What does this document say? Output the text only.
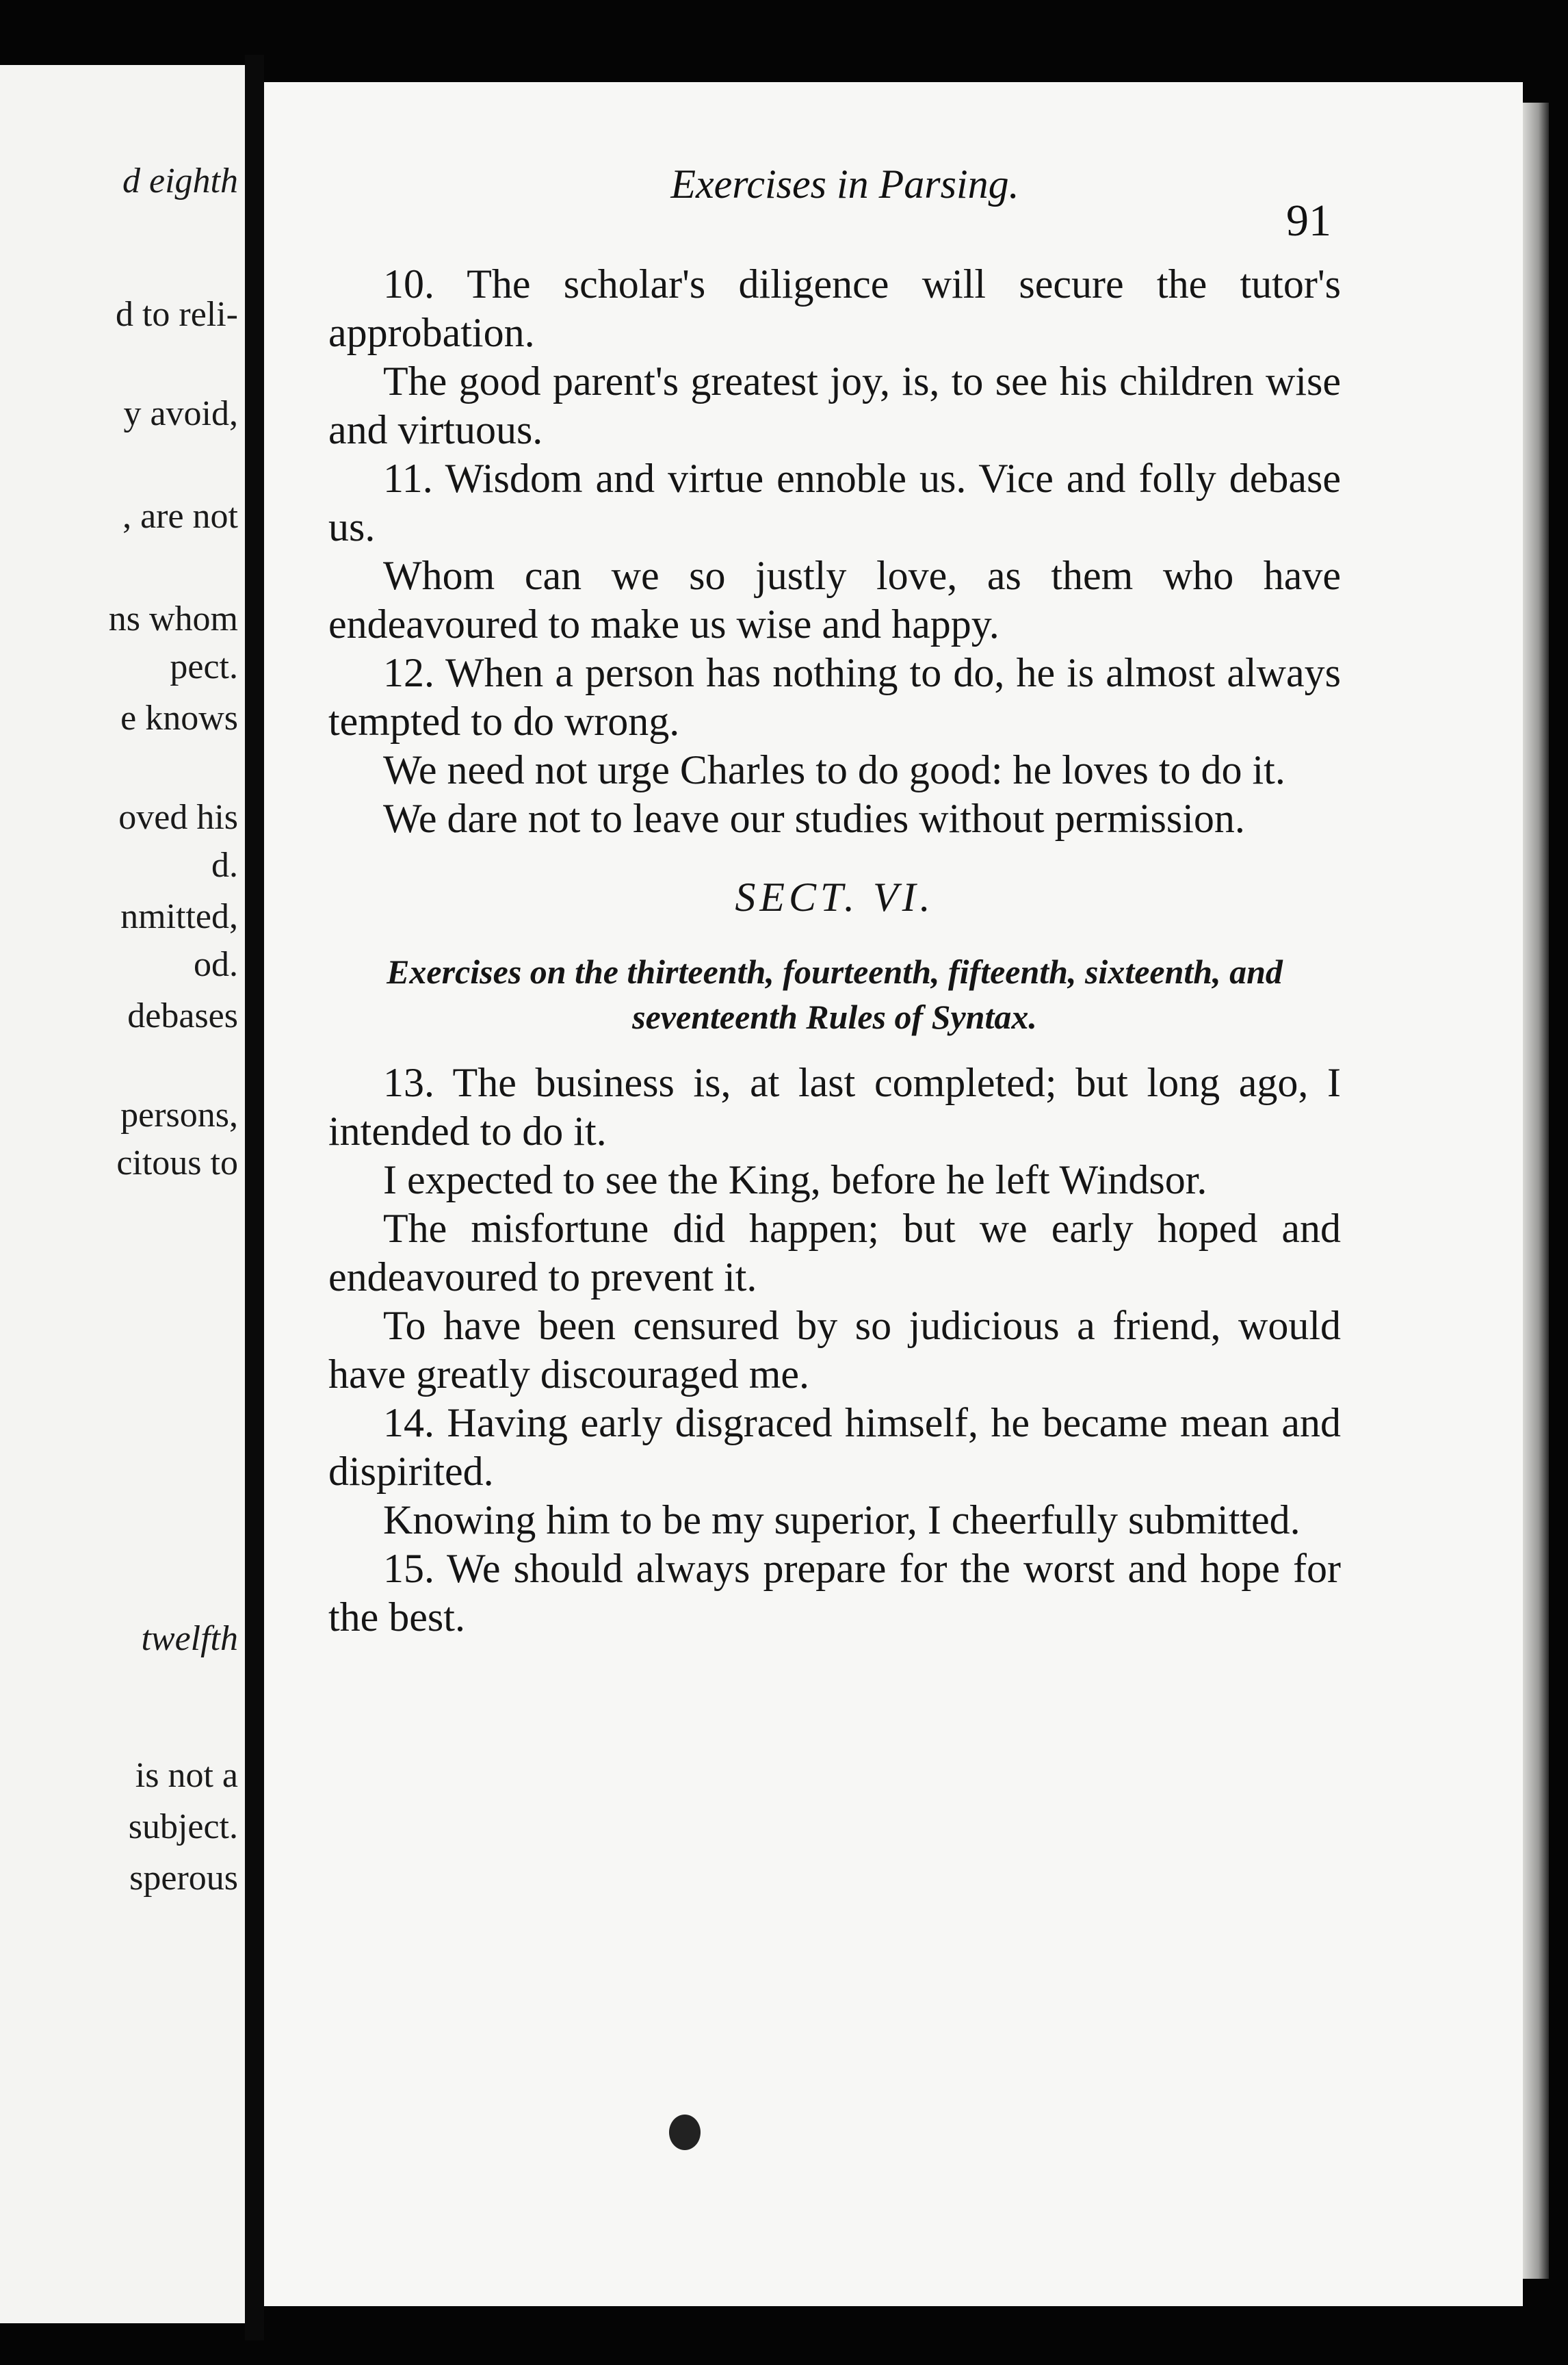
d eighth
d to reli-
y avoid,
, are not
ns whom
pect.
e knows
oved his
d.
nmitted,
od.
debases
persons,
citous to
twelfth
is not a
subject.
sperous
Exercises in Parsing.
91

10. The scholar's diligence will secure the tutor's approbation.

The good parent's greatest joy, is, to see his children wise and virtuous.

11. Wisdom and virtue ennoble us. Vice and folly debase us.

Whom can we so justly love, as them who have endeavoured to make us wise and happy.

12. When a person has nothing to do, he is almost always tempted to do wrong.

We need not urge Charles to do good: he loves to do it.

We dare not to leave our studies without permission.

SECT. VI.
Exercises on the thirteenth, fourteenth, fifteenth, sixteenth, and seventeenth Rules of Syntax.

13. The business is, at last completed; but long ago, I intended to do it.

I expected to see the King, before he left Windsor.

The misfortune did happen; but we early hoped and endeavoured to prevent it.

To have been censured by so judicious a friend, would have greatly discouraged me.

14. Having early disgraced himself, he became mean and dispirited.

Knowing him to be my superior, I cheerfully submitted.

15. We should always prepare for the worst and hope for the best.
